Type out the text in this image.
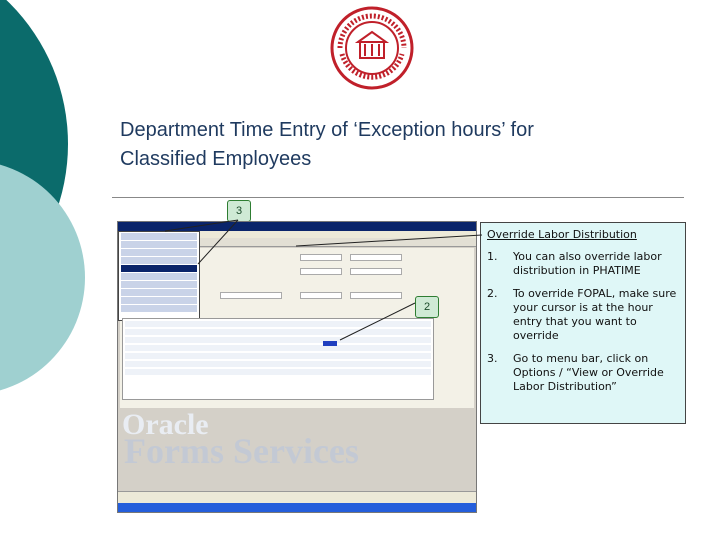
Department Time Entry of ‘Exception hours’ for
Classified Employees
3
Oracle
Forms Services
2
Override Labor Distribution
1.	You can also override labor distribution in PHATIME
2.	To override FOPAL, make sure your cursor is at the hour entry that you want to override
3.	Go to menu bar, click on Options / “View or Override Labor Distribution”
